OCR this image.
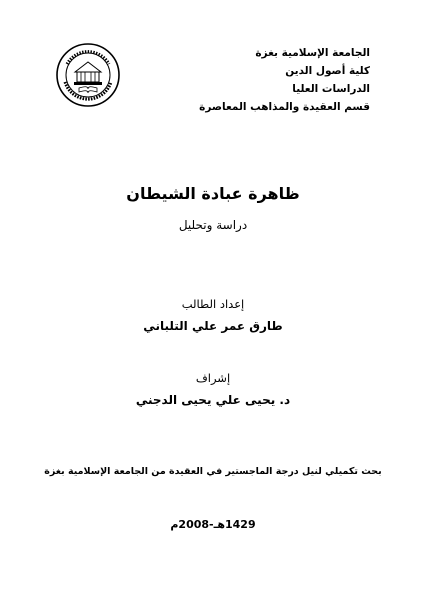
الجامعة الإسلامية بغزة
كلية أصول الدين
الدراسات العليا
قسم العقيدة والمذاهب المعاصرة
ظاهرة عبادة الشيطان
دراسة وتحليل
إعداد الطالب
طارق عمر علي التلباني
إشراف
د. يحيى علي يحيى الدجني
بحث تكميلي لنيل درجة الماجستير في العقيدة من الجامعة الإسلامية بغزة
1429هـ-2008م
